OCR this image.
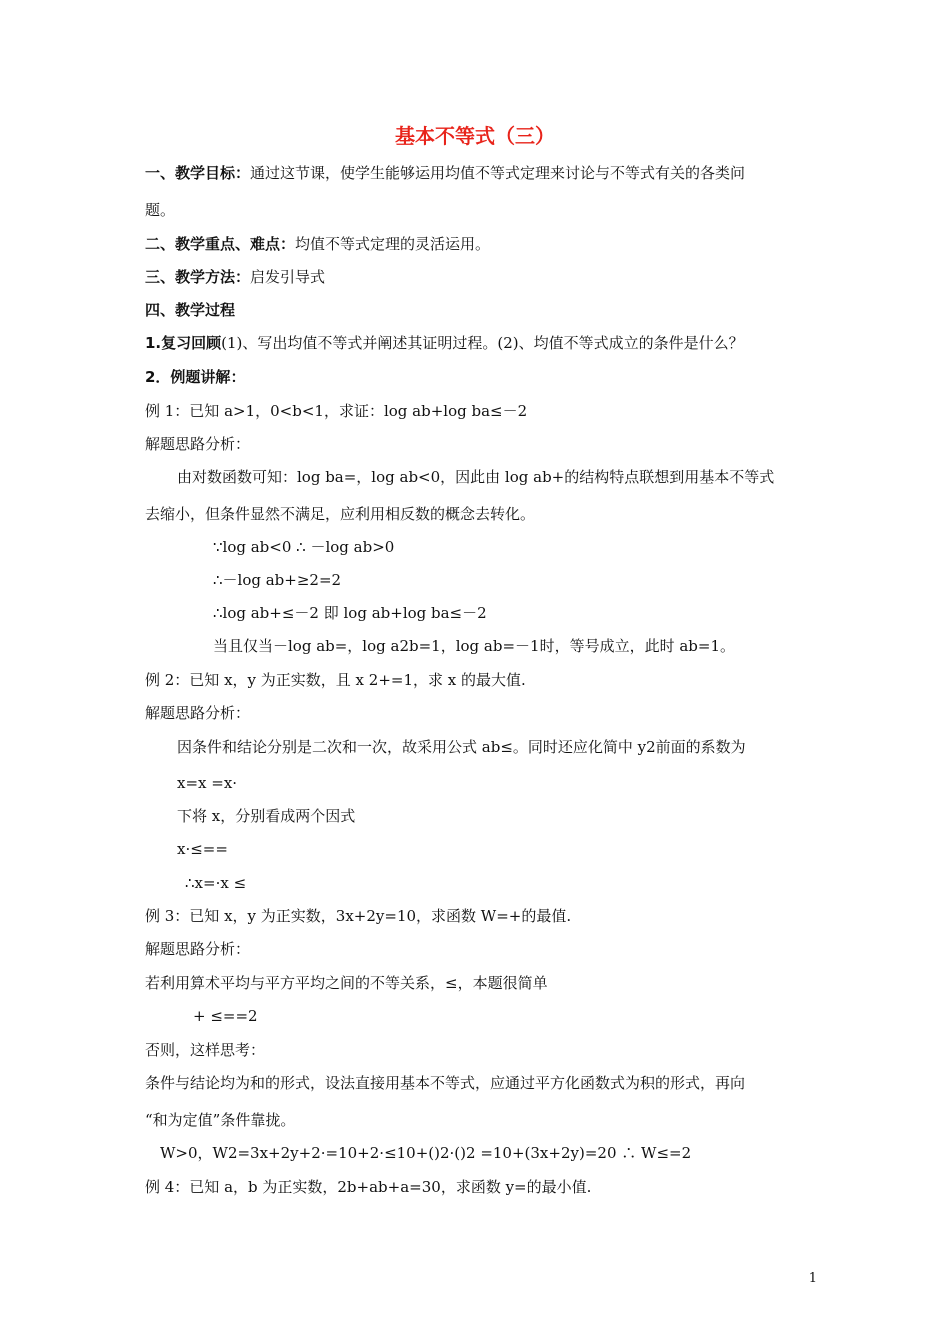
基本不等式（三）
一、教学目标：通过这节课，使学生能够运用均值不等式定理来讨论与不等式有关的各类问
题。
二、教学重点、难点：均值不等式定理的灵活运用。
三、教学方法：启发引导式
四、教学过程
1.复习回顾(1)、写出均值不等式并阐述其证明过程。(2)、均值不等式成立的条件是什么？
2．例题讲解：
例 1：已知 a>1，0<b<1，求证：log ab+log ba≤－2
解题思路分析：
由对数函数可知：log ba=，log ab<0，因此由 log ab+的结构特点联想到用基本不等式
去缩小，但条件显然不满足，应利用相反数的概念去转化。
∵log ab<0 ∴ －log ab>0
∴－log ab+≥2=2
∴log ab+≤－2 即 log ab+log ba≤－2
当且仅当－log ab=，log a2b=1，log ab=－1时，等号成立，此时 ab=1。
例 2：已知 x，y 为正实数，且 x 2+=1，求 x 的最大值.
解题思路分析：
因条件和结论分别是二次和一次，故采用公式 ab≤。同时还应化简中 y2前面的系数为
x=x =x·
下将 x，分别看成两个因式
x·≤==
∴x=·x ≤
例 3：已知 x，y 为正实数，3x+2y=10，求函数 W=+的最值.
解题思路分析：
若利用算术平均与平方平均之间的不等关系，≤，本题很简单
+ ≤==2
否则，这样思考：
条件与结论均为和的形式，设法直接用基本不等式，应通过平方化函数式为积的形式，再向
“和为定值”条件靠拢。
W>0，W2=3x+2y+2·=10+2·≤10+()2·()2 =10+(3x+2y)=20 ∴ W≤=2
例 4：已知 a，b 为正实数，2b+ab+a=30，求函数 y=的最小值.
1
